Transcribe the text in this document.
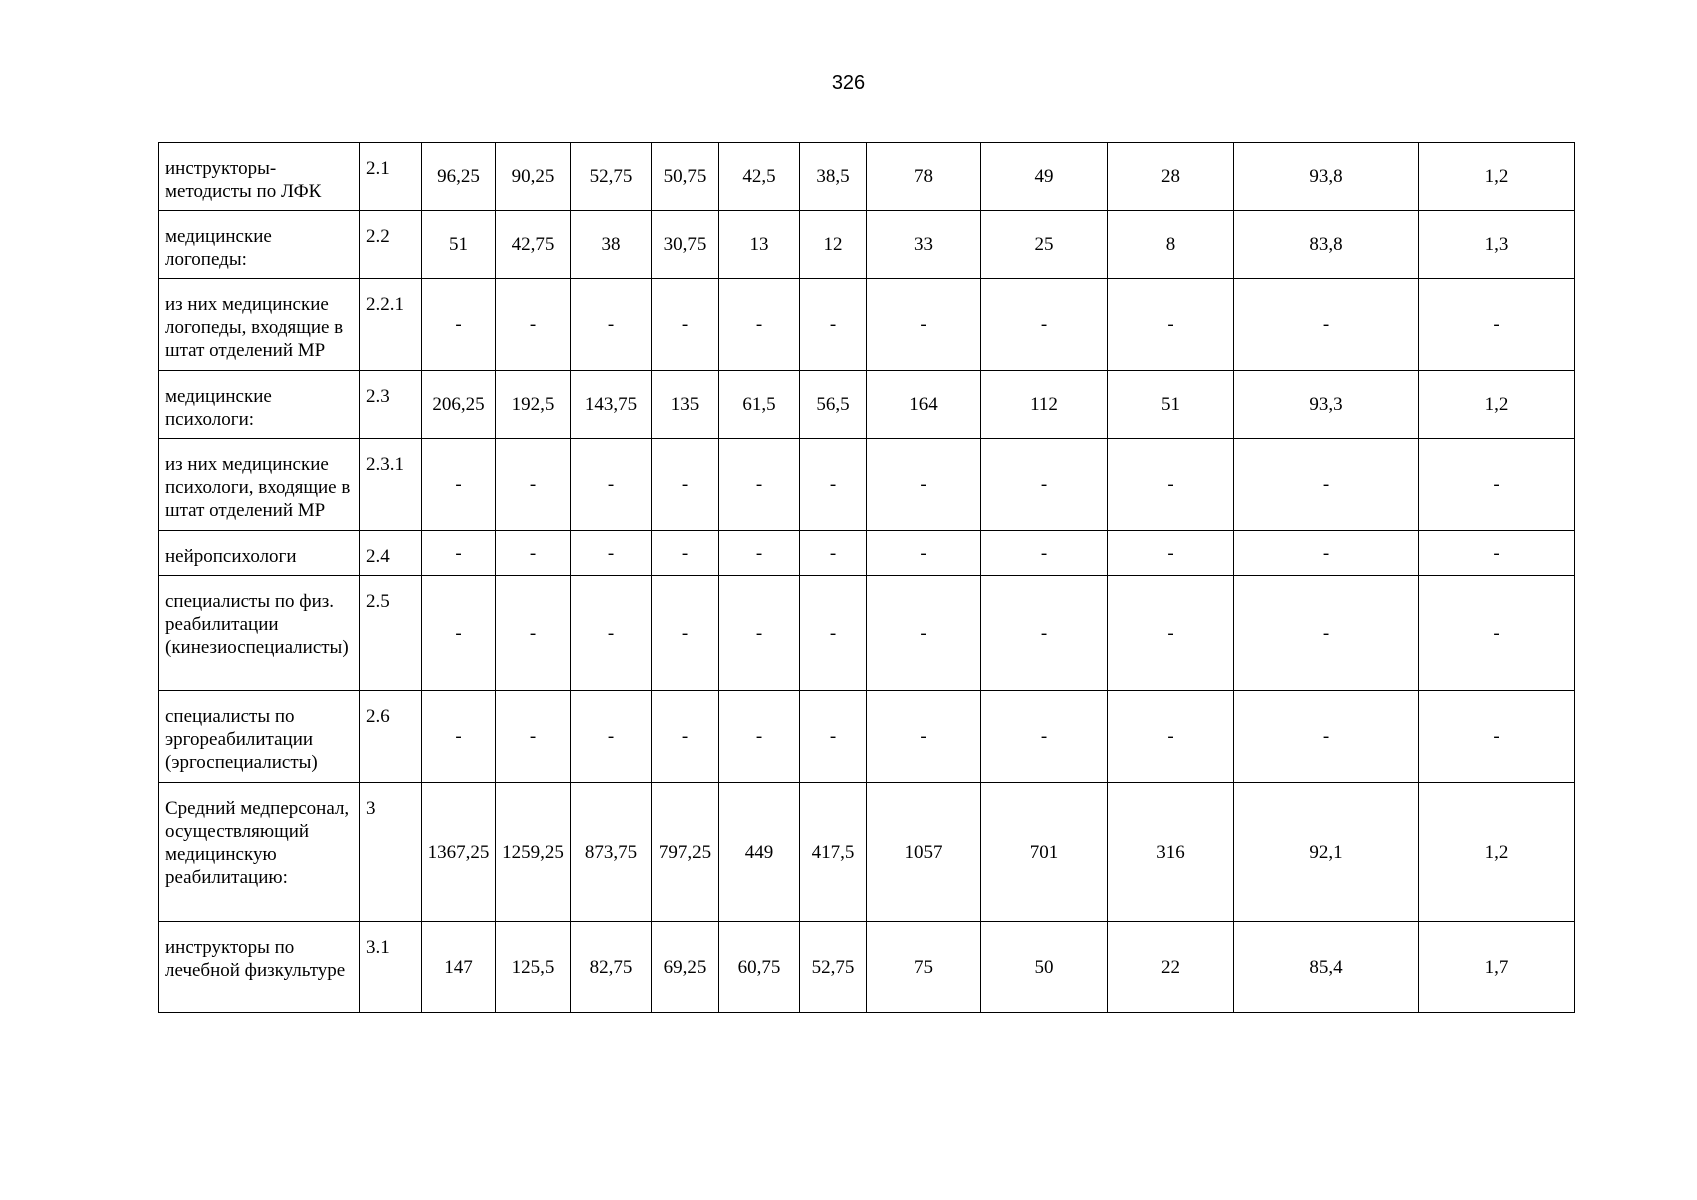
326
инструкторы-методисты по ЛФК	2.1	96,25	90,25	52,75	50,75	42,5	38,5	78	49	28	93,8	1,2
медицинские логопеды:	2.2	51	42,75	38	30,75	13	12	33	25	8	83,8	1,3
из них медицинские логопеды, входящие в штат отделений МР	2.2.1	-	-	-	-	-	-	-	-	-	-	-
медицинские психологи:	2.3	206,25	192,5	143,75	135	61,5	56,5	164	112	51	93,3	1,2
из них медицинские психологи, входящие в штат отделений МР	2.3.1	-	-	-	-	-	-	-	-	-	-	-
нейропсихологи	2.4	-	-	-	-	-	-	-	-	-	-	-
специалисты по физ. реабилитации (кинезиоспециалисты)	2.5	-	-	-	-	-	-	-	-	-	-	-
специалисты по эргореабилитации (эргоспециалисты)	2.6	-	-	-	-	-	-	-	-	-	-	-
Средний медперсонал, осуществляющий медицинскую реабилитацию:	3	1367,25	1259,25	873,75	797,25	449	417,5	1057	701	316	92,1	1,2
инструкторы по лечебной физкультуре	3.1	147	125,5	82,75	69,25	60,75	52,75	75	50	22	85,4	1,7
